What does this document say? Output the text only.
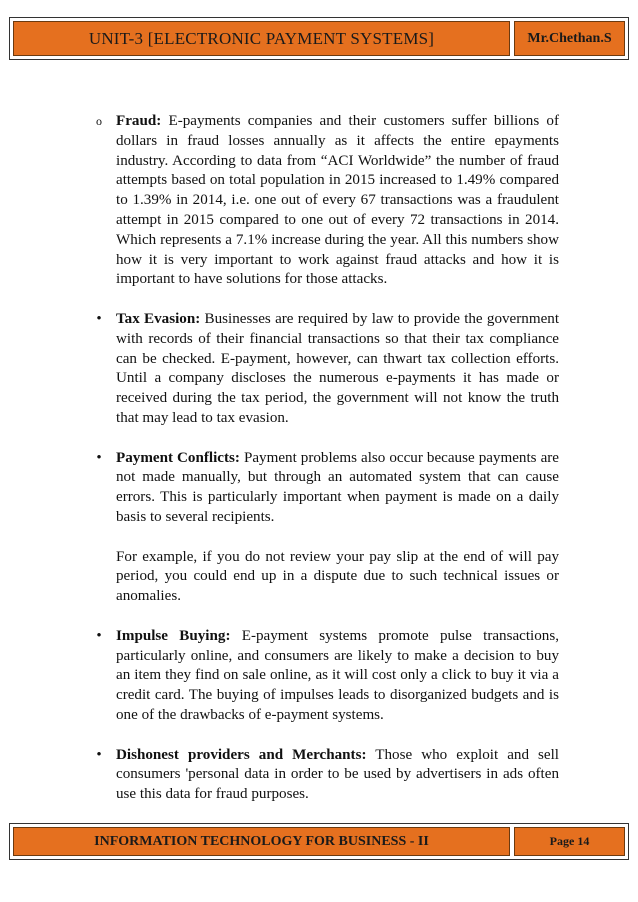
UNIT-3 [ELECTRONIC PAYMENT SYSTEMS]	Mr.Chethan.S
o Fraud: E-payments companies and their customers suffer billions of dollars in fraud losses annually as it affects the entire epayments industry. According to data from “ACI Worldwide” the number of fraud attempts based on total population in 2015 increased to 1.49% compared to 1.39% in 2014, i.e. one out of every 67 transactions was a fraudulent attempt in 2015 compared to one out of every 72 transactions in 2014. Which represents a 7.1% increase during the year. All this numbers show how it is very important to work against fraud attacks and how it is important to have solutions for those attacks.
• Tax Evasion: Businesses are required by law to provide the government with records of their financial transactions so that their tax compliance can be checked. E-payment, however, can thwart tax collection efforts. Until a company discloses the numerous e-payments it has made or received during the tax period, the government will not know the truth that may lead to tax evasion.
• Payment Conflicts: Payment problems also occur because payments are not made manually, but through an automated system that can cause errors. This is particularly important when payment is made on a daily basis to several recipients.
For example, if you do not review your pay slip at the end of will pay period, you could end up in a dispute due to such technical issues or anomalies.
• Impulse Buying: E-payment systems promote pulse transactions, particularly online, and consumers are likely to make a decision to buy an item they find on sale online, as it will cost only a click to buy it via a credit card. The buying of impulses leads to disorganized budgets and is one of the drawbacks of e-payment systems.
• Dishonest providers and Merchants: Those who exploit and sell consumers 'personal data in order to be used by advertisers in ads often use this data for fraud purposes.
INFORMATION TECHNOLOGY FOR BUSINESS - II	Page 14
